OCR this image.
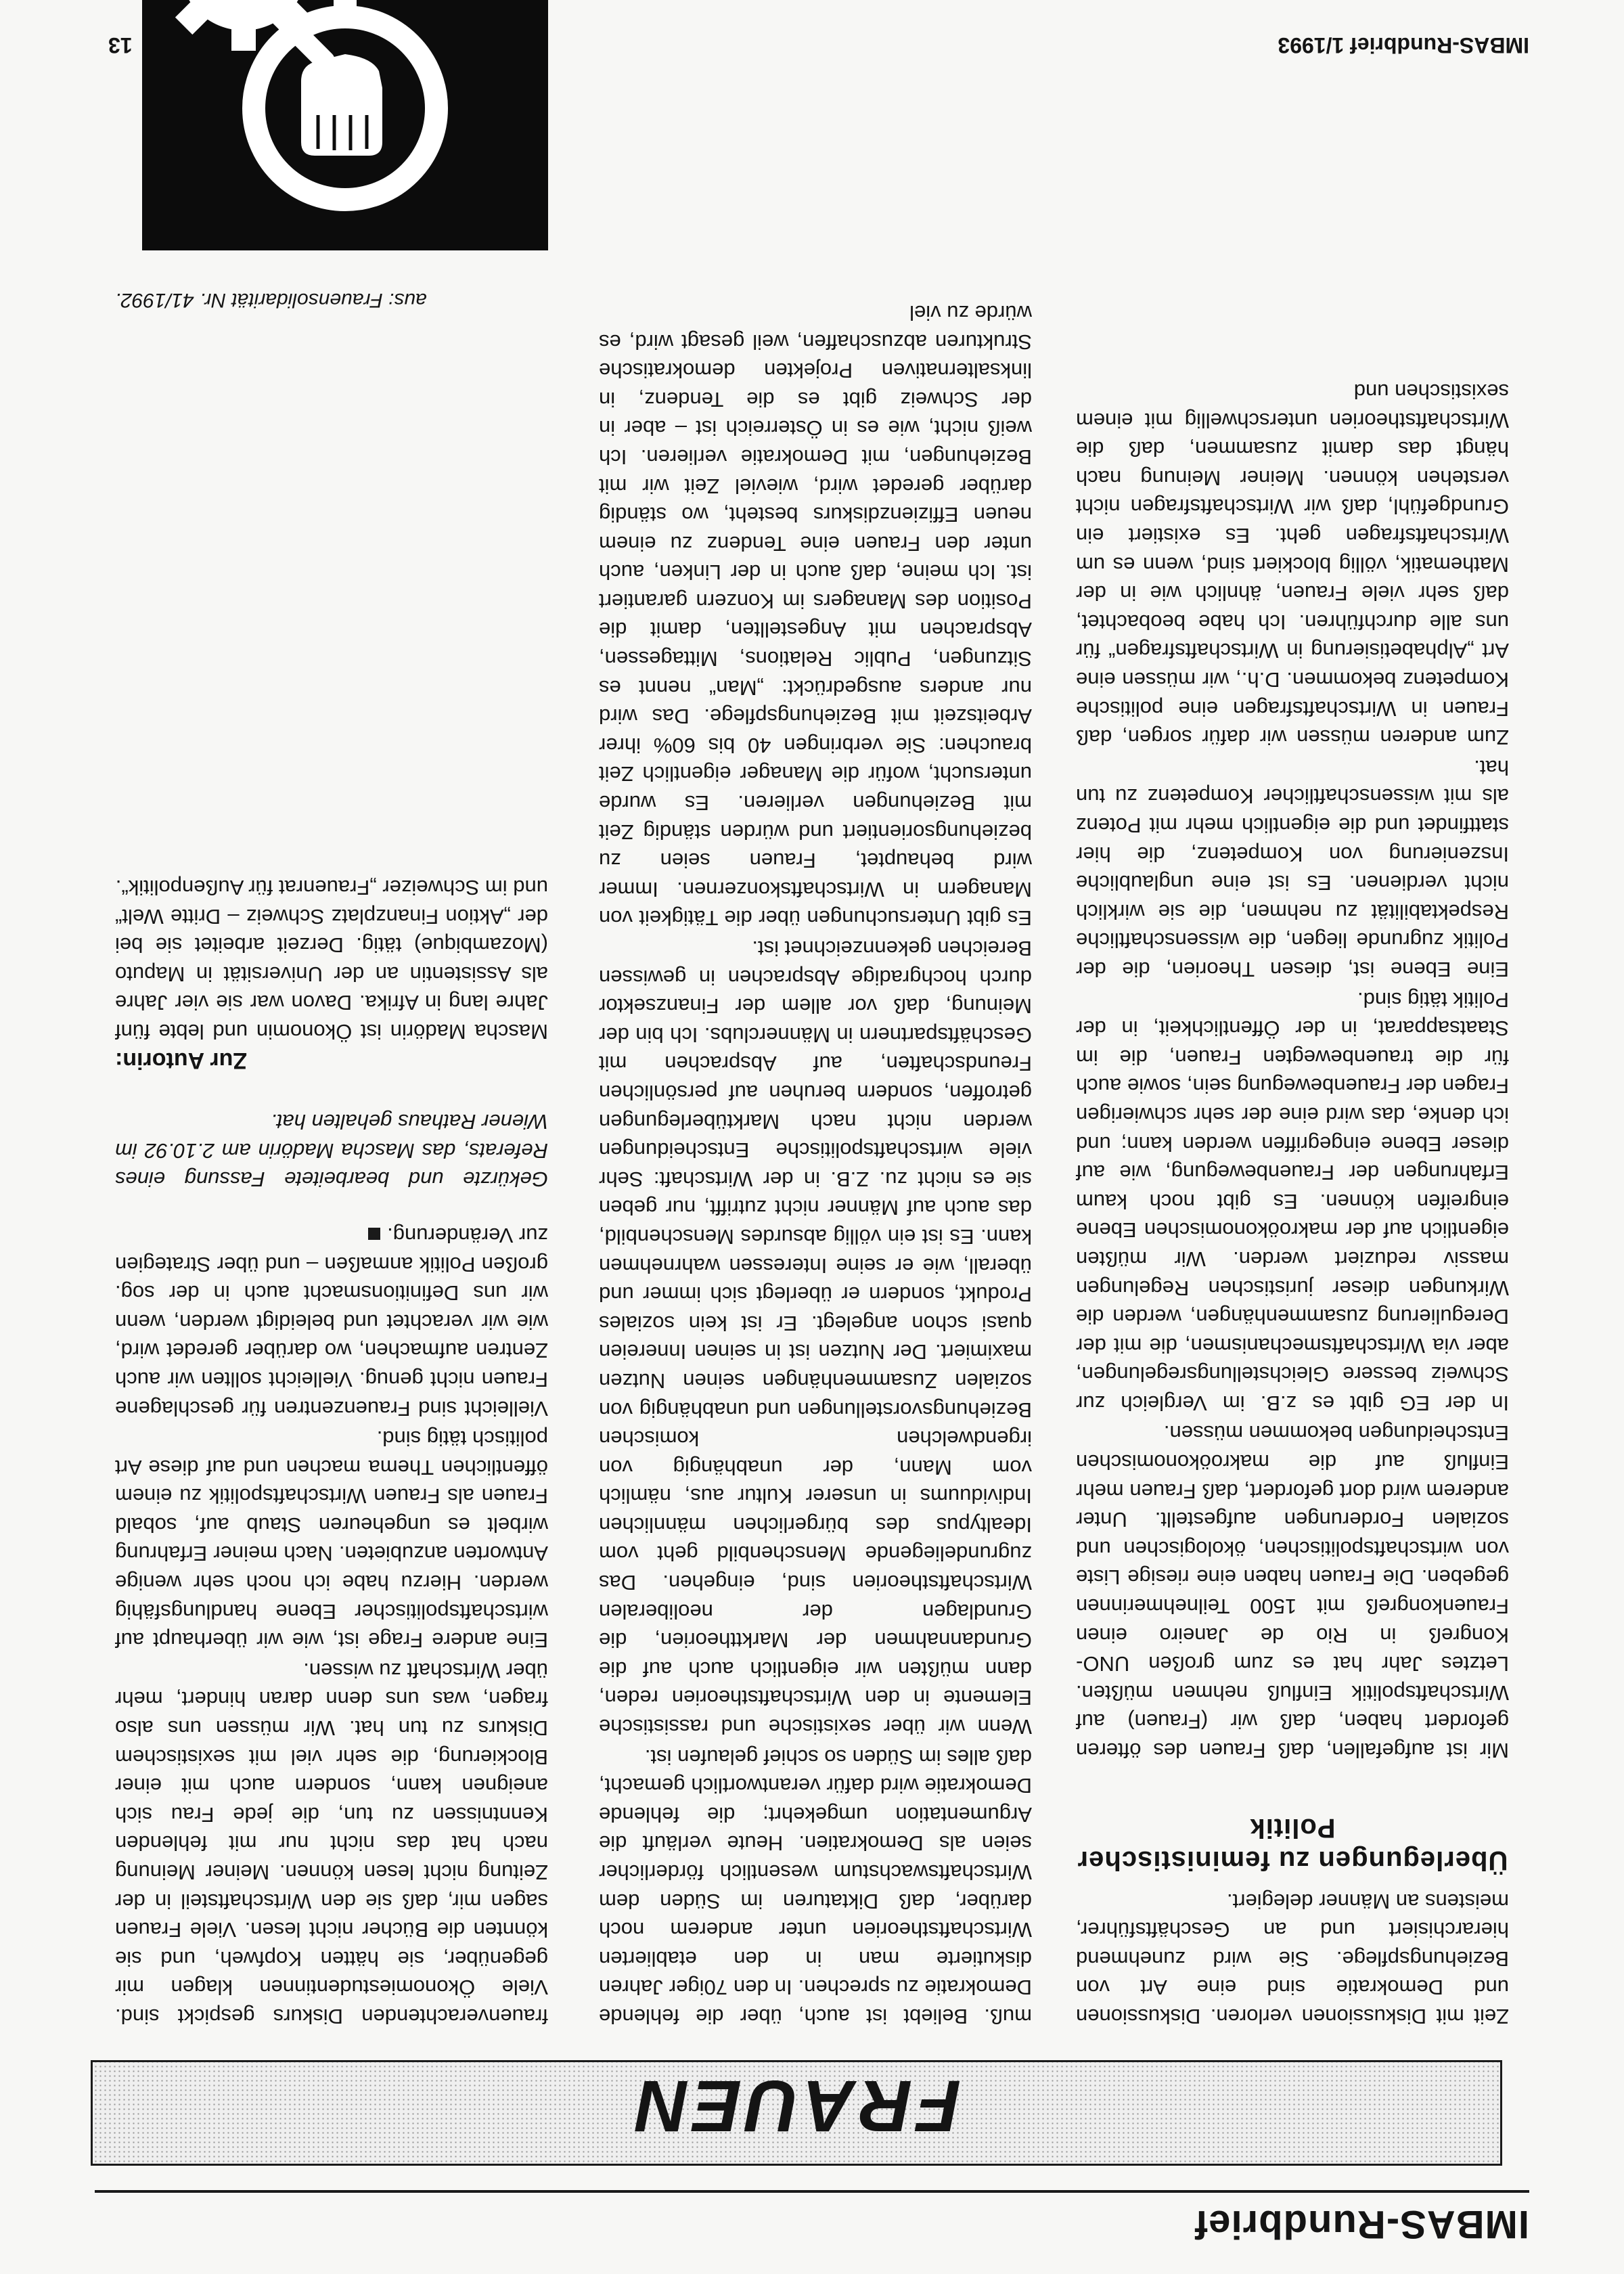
IMBAS-Rundbrief
FRAUEN

Zeit mit Diskussionen verloren. Diskussionen und Demokratie sind eine Art von Beziehungspflege. Sie wird zunehmend hierarchisiert und an Geschäftsführer, meistens an Männer delegiert.

Überlegungen zu feministischer Politik

Mir ist aufgefallen, daß Frauen des öfteren gefordert haben, daß wir (Frauen) auf Wirtschaftspolitik Einfluß nehmen müßten. Letztes Jahr hat es zum großen UNO-Kongreß in Rio de Janeiro einen Frauenkongreß mit 1500 Teilnehmerinnen gegeben. Die Frauen haben eine riesige Liste von wirtschaftspolitischen, ökologischen und sozialen Forderungen aufgestellt. Unter anderem wird dort gefordert, daß Frauen mehr Einfluß auf die makroökonomischen Entscheidungen bekommen müssen.

In der EG gibt es z.B. im Vergleich zur Schweiz bessere Gleichstellungsregelungen, aber via Wirtschaftsmechanismen, die mit der Deregulierung zusammenhängen, werden die Wirkungen dieser juristischen Regelungen massiv reduziert werden. Wir müßten eigentlich auf der makroökonomischen Ebene eingreifen können. Es gibt noch kaum Erfahrungen der Frauenbewegung, wie auf dieser Ebene eingegriffen werden kann; und ich denke, das wird eine der sehr schwierigen Fragen der Frauenbewegung sein, sowie auch für die trauenbewegten Frauen, die im Staatsapparat, in der Öffentlichkeit, in der Politik tätig sind.

Eine Ebene ist, diesen Theorien, die der Politik zugrunde liegen, die wissenschaftliche Respektabilität zu nehmen, die sie wirklich nicht verdienen. Es ist eine unglaubliche Inszenierung von Kompetenz, die hier stattfindet und die eigentlich mehr mit Potenz als mit wissenschaftlicher Kompetenz zu tun hat.

Zum anderen müssen wir dafür sorgen, daß Frauen in Wirtschaftsfragen eine politische Kompetenz bekommen. D.h., wir müssen eine Art „Alphabetisierung in Wirtschaftsfragen“ für uns alle durchführen. Ich habe beobachtet, daß sehr viele Frauen, ähnlich wie in der Mathematik, völlig blockiert sind, wenn es um Wirtschaftsfragen geht. Es existiert ein Grundgefühl, daß wir Wirtschaftsfragen nicht verstehen können. Meiner Meinung nach hängt das damit zusammen, daß die Wirtschaftstheorien unterschwellig mit einem sexistischen und

muß. Beliebt ist auch, über die fehlende Demokratie zu sprechen. In den 70iger Jahren diskutierte man in den etablierten Wirtschaftstheorien unter anderem noch darüber, daß Diktaturen im Süden dem Wirtschaftswachstum wesentlich förderlicher seien als Demokratien. Heute verläuft die Argumentation umgekehrt; die fehlende Demokratie wird dafür verantwortlich gemacht, daß alles im Süden so schief gelaufen ist.

Wenn wir über sexistische und rassistische Elemente in den Wirtschaftstheorien reden, dann müßten wir eigentlich auch auf die Grundannahmen der Markttheorien, die Grundlagen der neoliberalen Wirtschaftstheorien sind, eingehen. Das zugrundeliegende Menschenbild geht vom Idealtypus des bürgerlichen männlichen Individuums in unserer Kultur aus, nämlich vom Mann, der unabhängig von irgendwelchen komischen Beziehungsvorstellungen und unabhängig von sozialen Zusammenhängen seinen Nutzen maximiert. Der Nutzen ist in seinen Innereien quasi schon angelegt. Er ist kein soziales Produkt, sondern er überlegt sich immer und überall, wie er seine Interessen wahrnehmen kann. Es ist ein völlig absurdes Menschenbild, das auch auf Männer nicht zutrifft, nur geben sie es nicht zu. Z.B. in der Wirtschaft: Sehr viele wirtschaftspolitische Entscheidungen werden nicht nach Marktüberlegungen getroffen, sondern beruhen auf persönlichen Freundschaften, auf Absprachen mit Geschäftspartnern in Männerclubs. Ich bin der Meinung, daß vor allem der Finanzsektor durch hochgradige Absprachen in gewissen Bereichen gekennzeichnet ist.

Es gibt Untersuchungen über die Tätigkeit von Managern in Wirtschaftskonzernen. Immer wird behauptet, Frauen seien zu beziehungsorientiert und würden ständig Zeit mit Beziehungen verlieren. Es wurde untersucht, wofür die Manager eigentlich Zeit brauchen: Sie verbringen 40 bis 60% ihrer Arbeitszeit mit Beziehungspflege. Das wird nur anders ausgedrückt: „Man“ nennt es Sitzungen, Public Relations, Mittagessen, Absprachen mit Angestellten, damit die Position des Managers im Konzern garantiert ist. Ich meine, daß auch in der Linken, auch unter den Frauen eine Tendenz zu einem neuen Effizienzdiskurs besteht, wo ständig darüber geredet wird, wieviel Zeit wir mit Beziehungen, mit Demokratie verlieren. Ich weiß nicht, wie es in Österreich ist – aber in der Schweiz gibt es die Tendenz, in linksalternativen Projekten demokratische Strukturen abzuschaffen, weil gesagt wird, es würde zu viel

frauenverachtenden Diskurs gespickt sind. Viele Ökonomiestudentinnen klagen mir gegenüber, sie hätten Kopfweh, und sie könnten die Bücher nicht lesen. Viele Frauen sagen mir, daß sie den Wirtschaftsteil in der Zeitung nicht lesen können. Meiner Meinung nach hat das nicht nur mit fehlenden Kenntnissen zu tun, die jede Frau sich aneignen kann, sondern auch mit einer Blockierung, die sehr viel mit sexistischem Diskurs zu tun hat. Wir müssen uns also fragen, was uns denn daran hindert, mehr über Wirtschaft zu wissen.

Eine andere Frage ist, wie wir überhaupt auf wirtschaftspolitischer Ebene handlungsfähig werden. Hierzu habe ich noch sehr wenige Antworten anzubieten. Nach meiner Erfahrung wirbelt es ungeheuren Staub auf, sobald Frauen als Frauen Wirtschaftspolitik zu einem öffentlichen Thema machen und auf diese Art politisch tätig sind.

Vielleicht sind Frauenzentren für geschlagene Frauen nicht genug. Vielleicht sollten wir auch Zentren aufmachen, wo darüber geredet wird, wie wir verachtet und beleidigt werden, wenn wir uns Definitionsmacht auch in der sog. großen Politik anmaßen – und über Strategien zur Veränderung.

Gekürzte und bearbeitete Fassung eines Referats, das Mascha Madörin am 2.10.92 im Wiener Rathaus gehalten hat.

Zur Autorin:

Mascha Madörin ist Ökonomin und lebte fünf Jahre lang in Afrika. Davon war sie vier Jahre als Assistentin an der Universität in Maputo (Mozambique) tätig. Derzeit arbeitet sie bei der „Aktion Finanzplatz Schweiz – Dritte Welt“ und im Schweizer „Frauenrat für Außenpolitik“.

aus: Frauensolidarität Nr. 41/1992.
IMBAS-Rundbrief 1/1993
13
